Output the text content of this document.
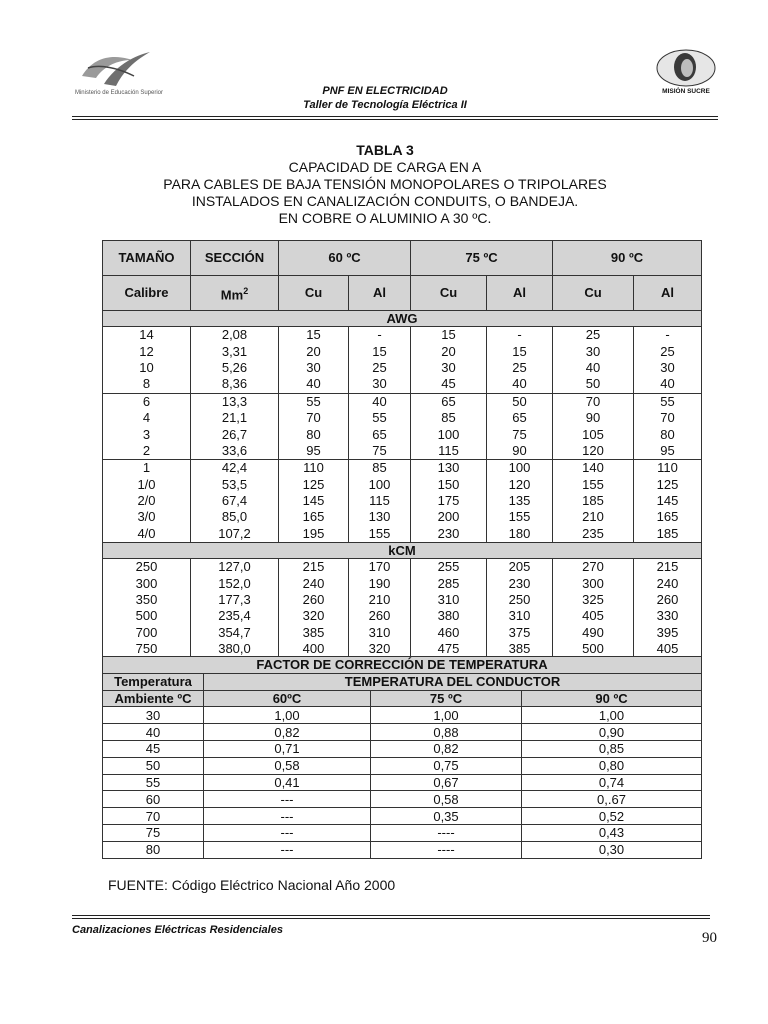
Ministerio de Educación Superior	MISIÓN SUCRE
PNF EN ELECTRICIDAD
Taller de Tecnología Eléctrica II
TABLA 3
CAPACIDAD DE CARGA EN A
PARA CABLES DE BAJA TENSIÓN MONOPOLARES O TRIPOLARES
INSTALADOS EN CANALIZACIÓN CONDUITS, O BANDEJA.
EN COBRE O ALUMINIO A 30 ºC.
TAMAÑO	SECCIÓN	60 ºC		75 ºC		90 ºC	
Calibre	Mm$^2$	Cu	Al	Cu	Al	Cu	Al
AWG							
14	2,08	15	-	15	-	25	-
12	3,31	20	15	20	15	30	25
10	5,26	30	25	30	25	40	30
8	8,36	40	30	45	40	50	40
6	13,3	55	40	65	50	70	55
4	21,1	70	55	85	65	90	70
3	26,7	80	65	100	75	105	80
2	33,6	95	75	115	90	120	95
1	42,4	110	85	130	100	140	110
1/0	53,5	125	100	150	120	155	125
2/0	67,4	145	115	175	135	185	145
3/0	85,0	165	130	200	155	210	165
4/0	107,2	195	155	230	180	235	185
kCM							
250	127,0	215	170	255	205	270	215
300	152,0	240	190	285	230	300	240
350	177,3	260	210	310	250	325	260
500	235,4	320	260	380	310	405	330
700	354,7	385	310	460	375	490	395
750	380,0	400	320	475	385	500	405
FACTOR DE CORRECCIÓN DE TEMPERATURA			
Temperatura	TEMPERATURA DEL CONDUCTOR		
Ambiente ºC	60ºC	75 ºC	90 ºC
30	1,00	1,00	1,00
40	0,82	0,88	0,90
45	0,71	0,82	0,85
50	0,58	0,75	0,80
55	0,41	0,67	0,74
60	---	0,58	0,.67
70	---	0,35	0,52
75	---	----	0,43
80	---	----	0,30
FUENTE: Código Eléctrico Nacional Año 2000
Canalizaciones Eléctricas Residenciales	90
